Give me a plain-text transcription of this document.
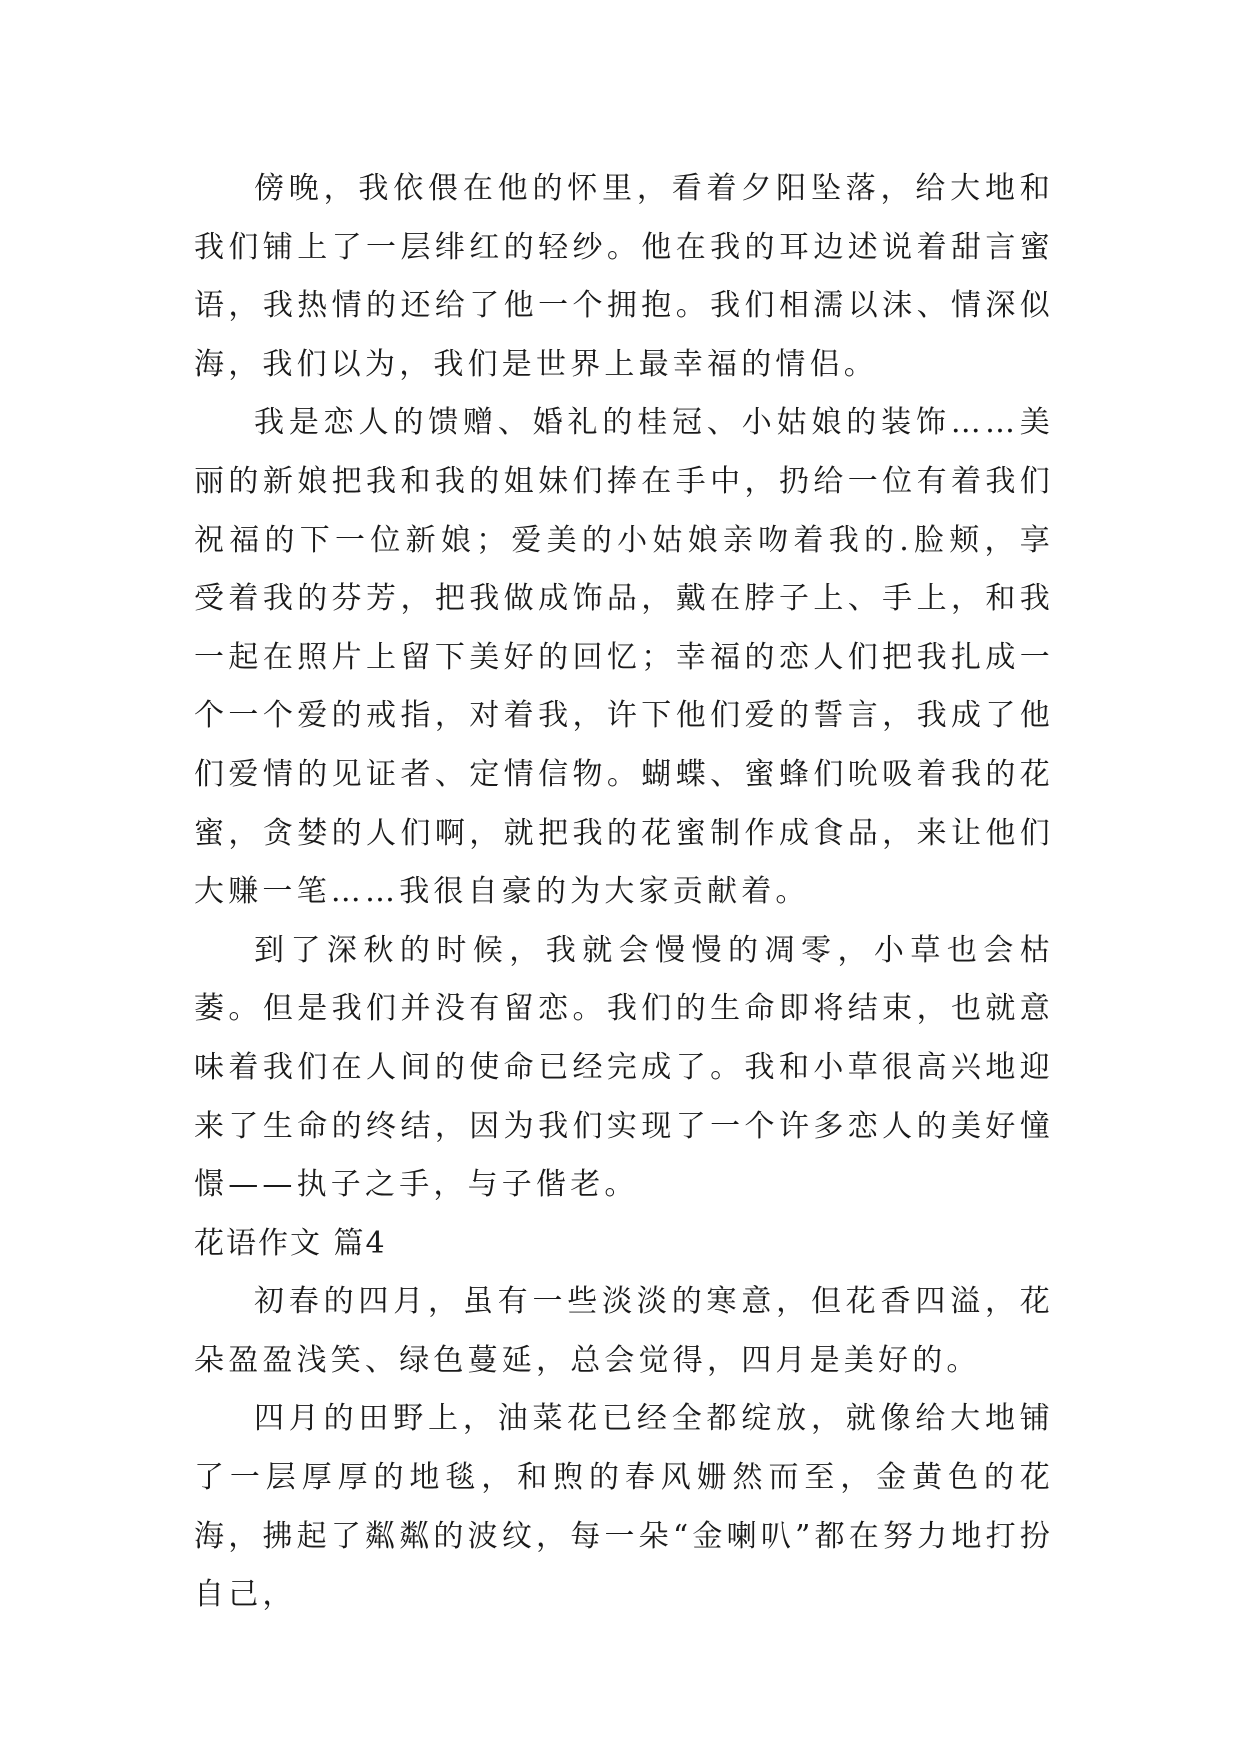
傍晚，我依偎在他的怀里，看着夕阳坠落，给大地和我们铺上了一层绯红的轻纱。他在我的耳边述说着甜言蜜语，我热情的还给了他一个拥抱。我们相濡以沫、情深似海，我们以为，我们是世界上最幸福的情侣。

我是恋人的馈赠、婚礼的桂冠、小姑娘的装饰……美丽的新娘把我和我的姐妹们捧在手中，扔给一位有着我们祝福的下一位新娘；爱美的小姑娘亲吻着我的.脸颊，享受着我的芬芳，把我做成饰品，戴在脖子上、手上，和我一起在照片上留下美好的回忆；幸福的恋人们把我扎成一个一个爱的戒指，对着我，许下他们爱的誓言，我成了他们爱情的见证者、定情信物。蝴蝶、蜜蜂们吮吸着我的花蜜，贪婪的人们啊，就把我的花蜜制作成食品，来让他们大赚一笔……我很自豪的为大家贡献着。

到了深秋的时候，我就会慢慢的凋零，小草也会枯萎。但是我们并没有留恋。我们的生命即将结束，也就意味着我们在人间的使命已经完成了。我和小草很高兴地迎来了生命的终结，因为我们实现了一个许多恋人的美好憧憬——执子之手，与子偕老。

花语作文 篇4

初春的四月，虽有一些淡淡的寒意，但花香四溢，花朵盈盈浅笑、绿色蔓延，总会觉得，四月是美好的。

四月的田野上，油菜花已经全都绽放，就像给大地铺了一层厚厚的地毯，和煦的春风姗然而至，金黄色的花海，拂起了粼粼的波纹，每一朵“金喇叭”都在努力地打扮自己，
